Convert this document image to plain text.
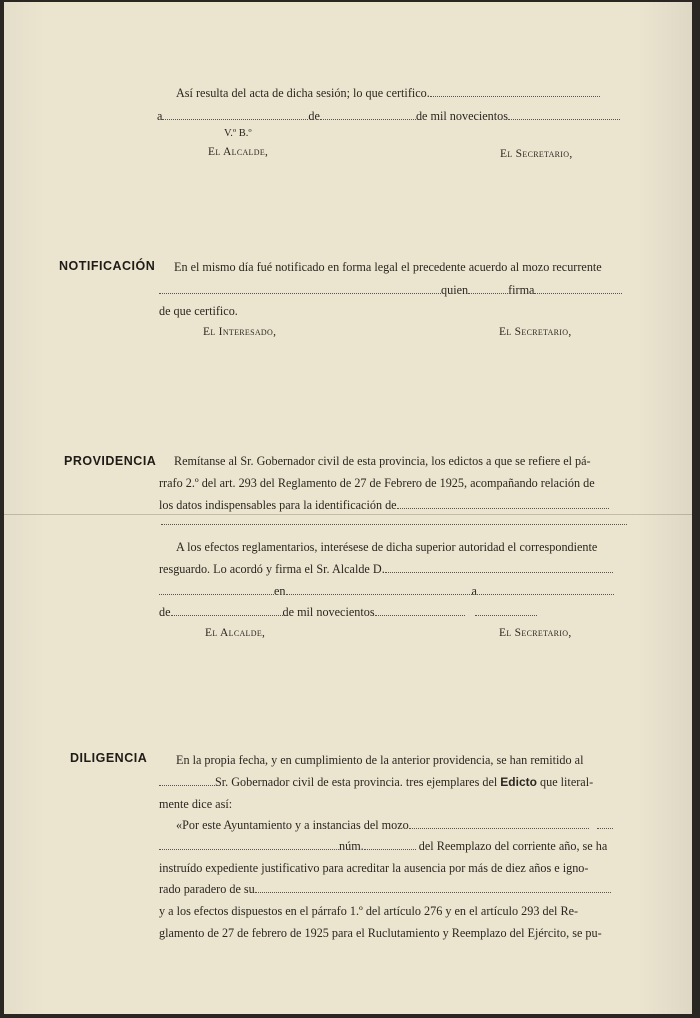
Así resulta del acta de dicha sesión; lo que certifico.
a	de	de mil novecientos
V.º B.º
El Alcalde,	El Secretario,
NOTIFICACIÓN En el mismo día fué notificado en forma legal el precedente acuerdo al mozo recurrente
quien	firma
de que certifico.
El Interesado,	El Secretario,
PROVIDENCIA Remítanse al Sr. Gobernador civil de esta provincia, los edictos a que se refiere el pá-
rrafo 2.º del art. 293 del Reglamento de 27 de Febrero de 1925, acompañando relación de
los datos indispensables para la identificación de
A los efectos reglamentarios, interésese de dicha superior autoridad el correspondiente
resguardo. Lo acordó y firma el Sr. Alcalde D.
en	a
de	de mil novecientos
El Alcalde,	El Secretario,
DILIGENCIA En la propia fecha, y en cumplimiento de la anterior providencia, se han remitido al
Sr. Gobernador civil de esta provincia. tres ejemplares del Edicto que literal-
mente dice así:
«Por este Ayuntamiento y a instancias del mozo
núm.	del Reemplazo del corriente año, se ha
instruído expediente justificativo para acreditar la ausencia por más de diez años e igno-
rado paradero de su
y a los efectos dispuestos en el párrafo 1.º del artículo 276 y en el artículo 293 del Re-
glamento de 27 de febrero de 1925 para el Ruclutamiento y Reemplazo del Ejército, se pu-
